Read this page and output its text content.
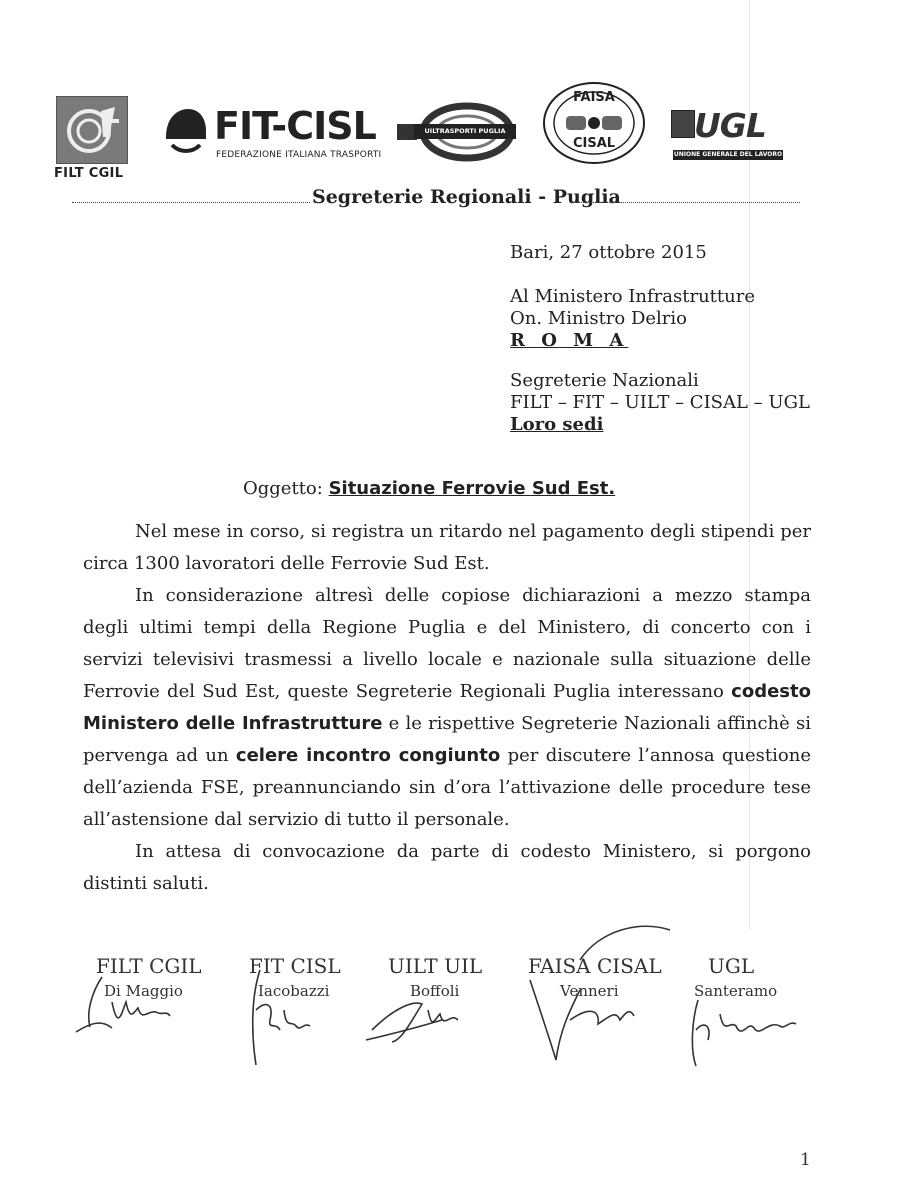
FILT CGIL
FIT-CISL
FEDERAZIONE ITALIANA TRASPORTI
UILTRASPORTI PUGLIA
FAISA
CISAL UGL
UNIONE GENERALE DEL LAVORO
Segreterie Regionali - Puglia
Bari, 27 ottobre 2015
Al Ministero Infrastrutture
On. Ministro Delrio
R O M A
Segreterie Nazionali
FILT – FIT – UILT – CISAL – UGL
Loro sedi
Oggetto: Situazione Ferrovie Sud Est.

Nel mese in corso, si registra un ritardo nel pagamento degli stipendi per circa 1300 lavoratori delle Ferrovie Sud Est.

In considerazione altresì delle copiose dichiarazioni a mezzo stampa degli ultimi tempi della Regione Puglia e del Ministero, di concerto con i servizi televisivi trasmessi a livello locale e nazionale sulla situazione delle Ferrovie del Sud Est, queste Segreterie Regionali Puglia interessano codesto Ministero delle Infrastrutture e le rispettive Segreterie Nazionali affinchè si pervenga ad un celere incontro congiunto per discutere l’annosa questione dell’azienda FSE, preannunciando sin d’ora l’attivazione delle procedure tese all’astensione dal servizio di tutto il personale.

In attesa di convocazione da parte di codesto Ministero, si porgono distinti saluti.

FILT CGIL
Di Maggio
FIT CISL
Iacobazzi
UILT UIL
Boffoli
FAISA CISAL
Venneri
UGL
Santeramo
1
